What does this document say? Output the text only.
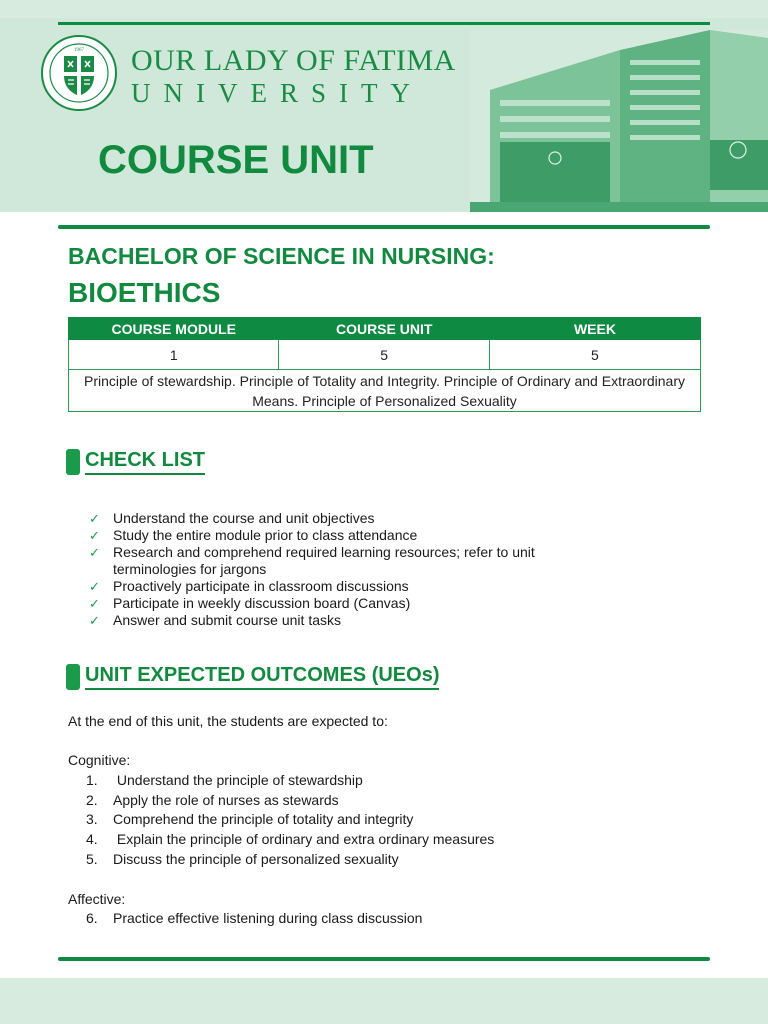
1967 OUR LADY OF FATIMA
UNIVERSITY
COURSE UNIT
BACHELOR OF SCIENCE IN NURSING:
BIOETHICS
COURSE MODULE	COURSE UNIT	WEEK
1	5	5
Principle of stewardship. Principle of Totality and Integrity. Principle of Ordinary and Extraordinary Means. Principle of Personalized Sexuality		
CHECK LIST
✓ Understand the course and unit objectives
✓ Study the entire module prior to class attendance
✓ Research and comprehend required learning resources; refer to unit terminologies for jargons
✓ Proactively participate in classroom discussions
✓ Participate in weekly discussion board (Canvas)
✓ Answer and submit course unit tasks
UNIT EXPECTED OUTCOMES (UEOs)
At the end of this unit, the students are expected to:
Cognitive:
1.	Understand the principle of stewardship
2.	Apply the role of nurses as stewards
3.	Comprehend the principle of totality and integrity
4.	Explain the principle of ordinary and extra ordinary measures
5.	Discuss the principle of personalized sexuality
Affective:
6.	Practice effective listening during class discussion
